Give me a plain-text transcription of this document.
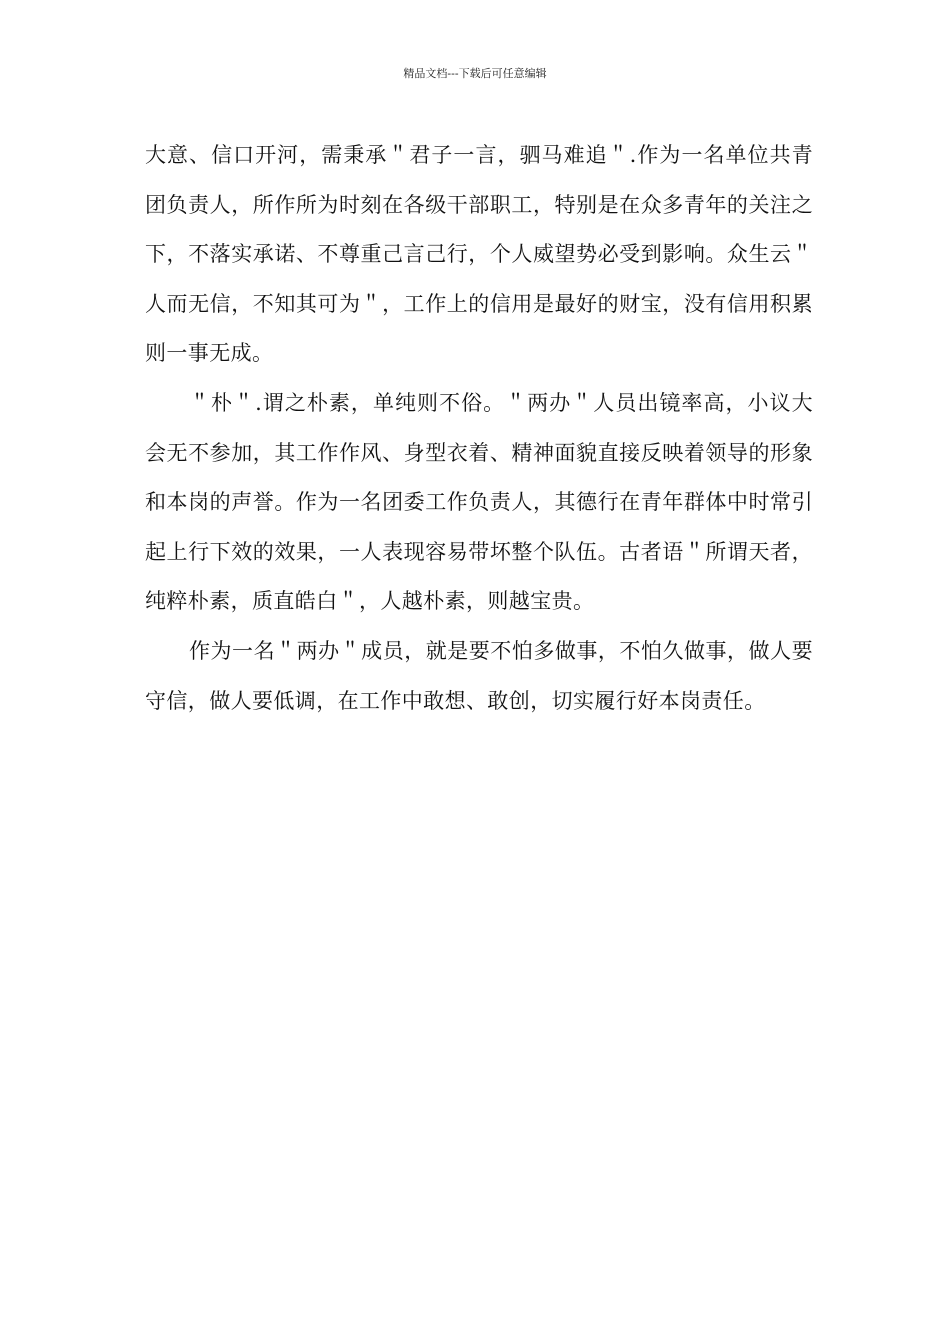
精品文档---下载后可任意编辑

大意、信口开河，需秉承＂君子一言，驷马难追＂.作为一名单位共青团负责人，所作所为时刻在各级干部职工，特别是在众多青年的关注之下，不落实承诺、不尊重己言己行，个人威望势必受到影响。众生云＂人而无信，不知其可为＂，工作上的信用是最好的财宝，没有信用积累则一事无成。

＂朴＂.谓之朴素，单纯则不俗。＂两办＂人员出镜率高，小议大会无不参加，其工作作风、身型衣着、精神面貌直接反映着领导的形象和本岗的声誉。作为一名团委工作负责人，其德行在青年群体中时常引起上行下效的效果，一人表现容易带坏整个队伍。古者语＂所谓天者，纯粹朴素，质直皓白＂，人越朴素，则越宝贵。

作为一名＂两办＂成员，就是要不怕多做事，不怕久做事，做人要守信，做人要低调，在工作中敢想、敢创，切实履行好本岗责任。
